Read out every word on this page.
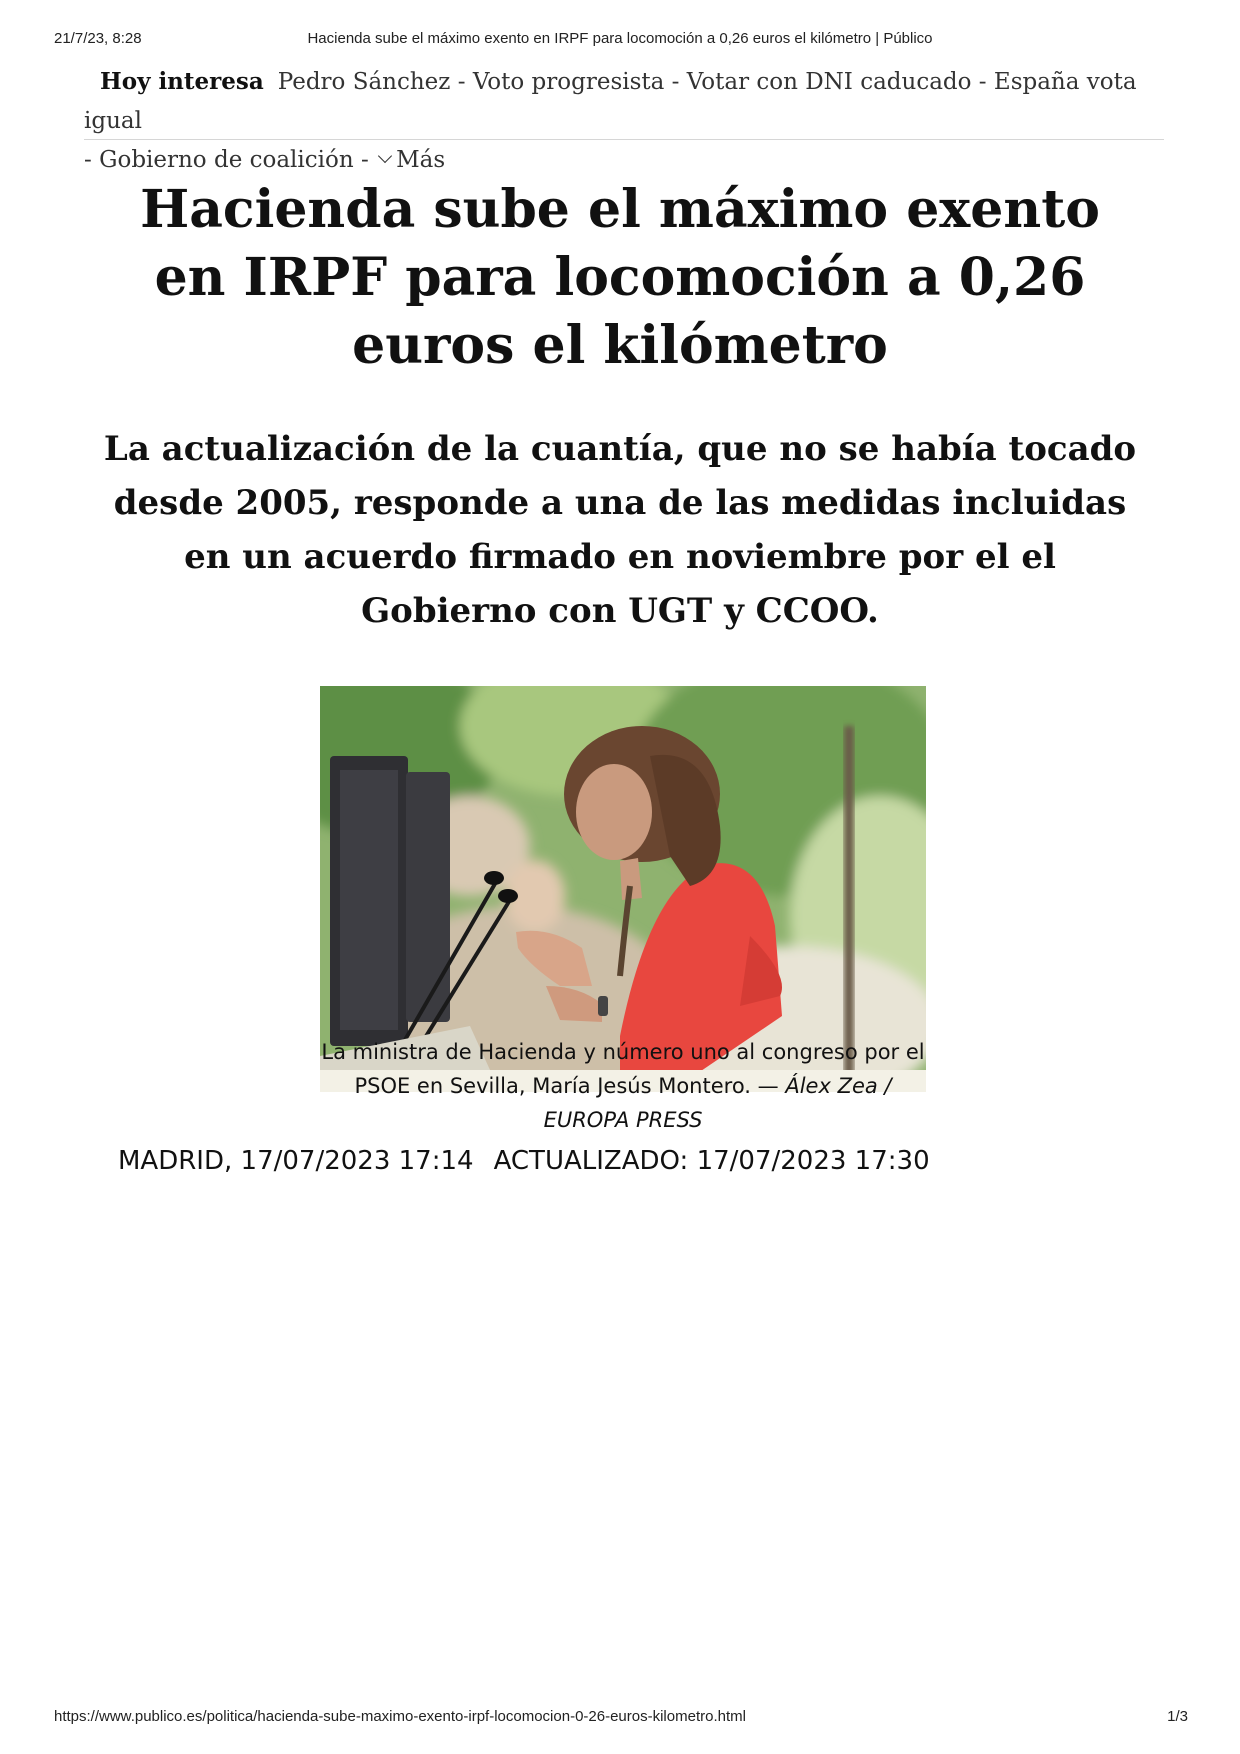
21/7/23, 8:28	Hacienda sube el máximo exento en IRPF para locomoción a 0,26 euros el kilómetro | Público
Hoy interesa Pedro Sánchez - Voto progresista - Votar con DNI caducado - España vota igual
- Gobierno de coalición - Más
Hacienda sube el máximo exento en IRPF para locomoción a 0,26 euros el kilómetro
La actualización de la cuantía, que no se había tocado desde 2005, responde a una de las medidas incluidas en un acuerdo firmado en noviembre por el el Gobierno con UGT y CCOO.

La ministra de Hacienda y número uno al congreso por el PSOE en Sevilla, María Jesús Montero. — Álex Zea / EUROPA PRESS

MADRID, 17/07/2023 17:14 ACTUALIZADO: 17/07/2023 17:30
https://www.publico.es/politica/hacienda-sube-maximo-exento-irpf-locomocion-0-26-euros-kilometro.html	1/3
